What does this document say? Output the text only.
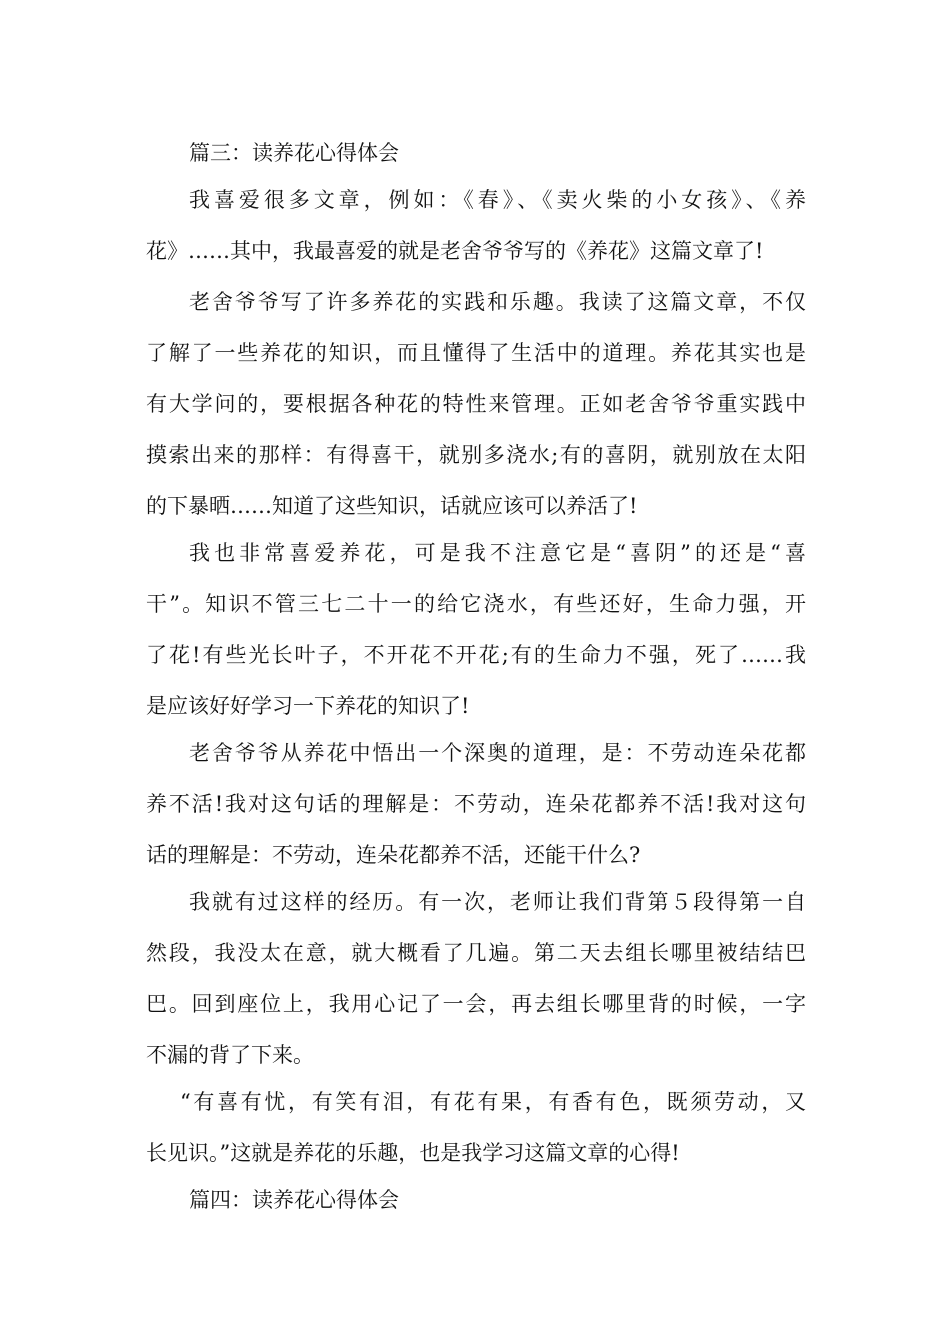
篇三：读养花心得体会
我喜爱很多文章，例如：《春》、《卖火柴的小女孩》、《养
花》……其中，我最喜爱的就是老舍爷爷写的《养花》这篇文章了!
老舍爷爷写了许多养花的实践和乐趣。我读了这篇文章，不仅
了解了一些养花的知识，而且懂得了生活中的道理。养花其实也是
有大学问的，要根据各种花的特性来管理。正如老舍爷爷重实践中
摸索出来的那样：有得喜干，就别多浇水;有的喜阴，就别放在太阳
的下暴晒……知道了这些知识，话就应该可以养活了!
我也非常喜爱养花，可是我不注意它是“喜阴”的还是“喜
干”。知识不管三七二十一的给它浇水，有些还好，生命力强，开
了花!有些光长叶子，不开花不开花;有的生命力不强，死了……我
是应该好好学习一下养花的知识了!
老舍爷爷从养花中悟出一个深奥的道理，是：不劳动连朵花都
养不活!我对这句话的理解是：不劳动，连朵花都养不活!我对这句
话的理解是：不劳动，连朵花都养不活，还能干什么?
我就有过这样的经历。有一次，老师让我们背第５段得第一自
然段，我没太在意，就大概看了几遍。第二天去组长哪里被结结巴
巴。回到座位上，我用心记了一会，再去组长哪里背的时候，一字
不漏的背了下来。
“有喜有忧，有笑有泪，有花有果，有香有色，既须劳动，又
长见识。”这就是养花的乐趣，也是我学习这篇文章的心得!
篇四：读养花心得体会
